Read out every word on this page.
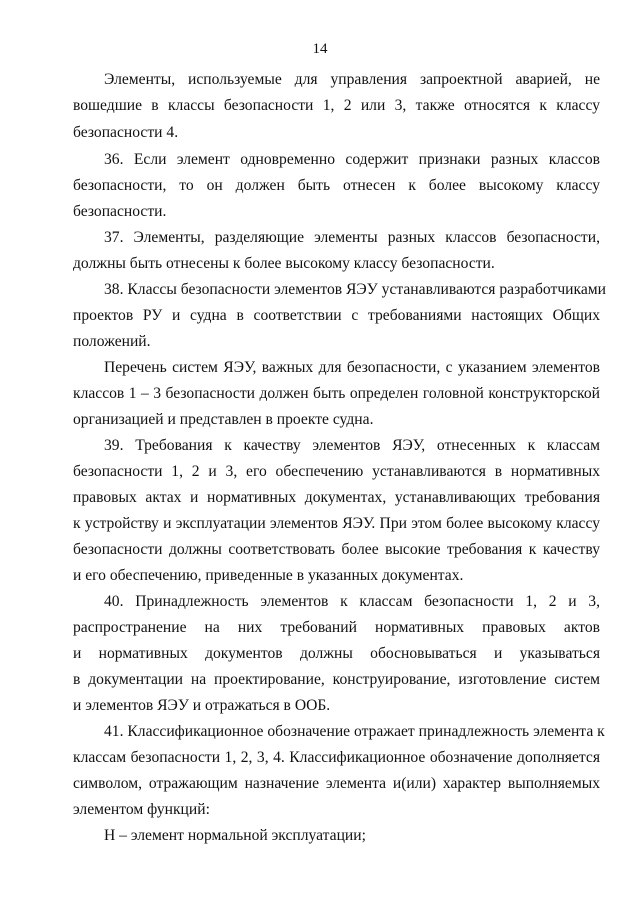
14
Элементы, используемые для управления запроектной аварией, не
вошедшие в классы безопасности 1, 2 или 3, также относятся к классу
безопасности 4.
36. Если элемент одновременно содержит признаки разных классов
безопасности, то он должен быть отнесен к более высокому классу
безопасности.
37. Элементы, разделяющие элементы разных классов безопасности,
должны быть отнесены к более высокому классу безопасности.
38. Классы безопасности элементов ЯЭУ устанавливаются разработчиками
проектов РУ и судна в соответствии с требованиями настоящих Общих
положений.
Перечень систем ЯЭУ, важных для безопасности, с указанием элементов
классов 1 – 3 безопасности должен быть определен головной конструкторской
организацией и представлен в проекте судна.
39. Требования к качеству элементов ЯЭУ, отнесенных к классам
безопасности 1, 2 и 3, его обеспечению устанавливаются в нормативных
правовых актах и нормативных документах, устанавливающих требования
к устройству и эксплуатации элементов ЯЭУ. При этом более высокому классу
безопасности должны соответствовать более высокие требования к качеству
и его обеспечению, приведенные в указанных документах.
40. Принадлежность элементов к классам безопасности 1, 2 и 3,
распространение на них требований нормативных правовых актов
и нормативных документов должны обосновываться и указываться
в документации на проектирование, конструирование, изготовление систем
и элементов ЯЭУ и отражаться в ООБ.
41. Классификационное обозначение отражает принадлежность элемента к
классам безопасности 1, 2, 3, 4. Классификационное обозначение дополняется
символом, отражающим назначение элемента и(или) характер выполняемых
элементом функций:
Н – элемент нормальной эксплуатации;
